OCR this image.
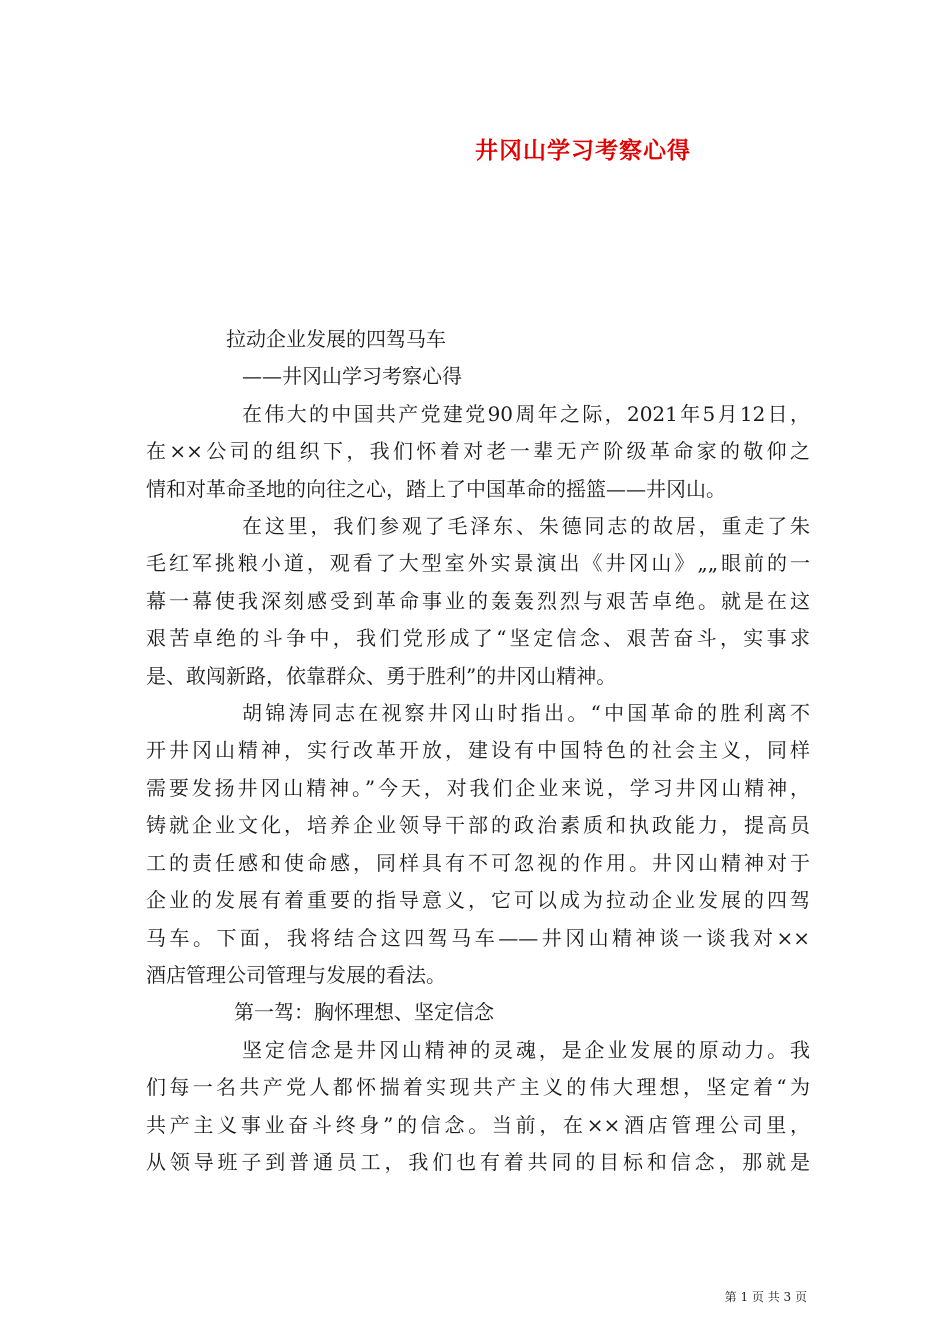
井冈山学习考察心得
拉动企业发展的四驾马车
——井冈山学习考察心得
在伟大的中国共产党建党90周年之际，2021年5月12日，
在××公司的组织下，我们怀着对老一辈无产阶级革命家的敬仰之
情和对革命圣地的向往之心，踏上了中国革命的摇篮——井冈山。
在这里，我们参观了毛泽东、朱德同志的故居，重走了朱
毛红军挑粮小道，观看了大型室外实景演出《井冈山》„„眼前的一
幕一幕使我深刻感受到革命事业的轰轰烈烈与艰苦卓绝。就是在这
艰苦卓绝的斗争中，我们党形成了“坚定信念、艰苦奋斗，实事求
是、敢闯新路，依靠群众、勇于胜利”的井冈山精神。
胡锦涛同志在视察井冈山时指出。“中国革命的胜利离不
开井冈山精神，实行改革开放，建设有中国特色的社会主义，同样
需要发扬井冈山精神。”今天，对我们企业来说，学习井冈山精神，
铸就企业文化，培养企业领导干部的政治素质和执政能力，提高员
工的责任感和使命感，同样具有不可忽视的作用。井冈山精神对于
企业的发展有着重要的指导意义，它可以成为拉动企业发展的四驾
马车。下面，我将结合这四驾马车——井冈山精神谈一谈我对××
酒店管理公司管理与发展的看法。
第一驾：胸怀理想、坚定信念
坚定信念是井冈山精神的灵魂，是企业发展的原动力。我
们每一名共产党人都怀揣着实现共产主义的伟大理想，坚定着“为
共产主义事业奋斗终身”的信念。当前，在××酒店管理公司里，
从领导班子到普通员工，我们也有着共同的目标和信念，那就是
第 1 页 共 3 页
